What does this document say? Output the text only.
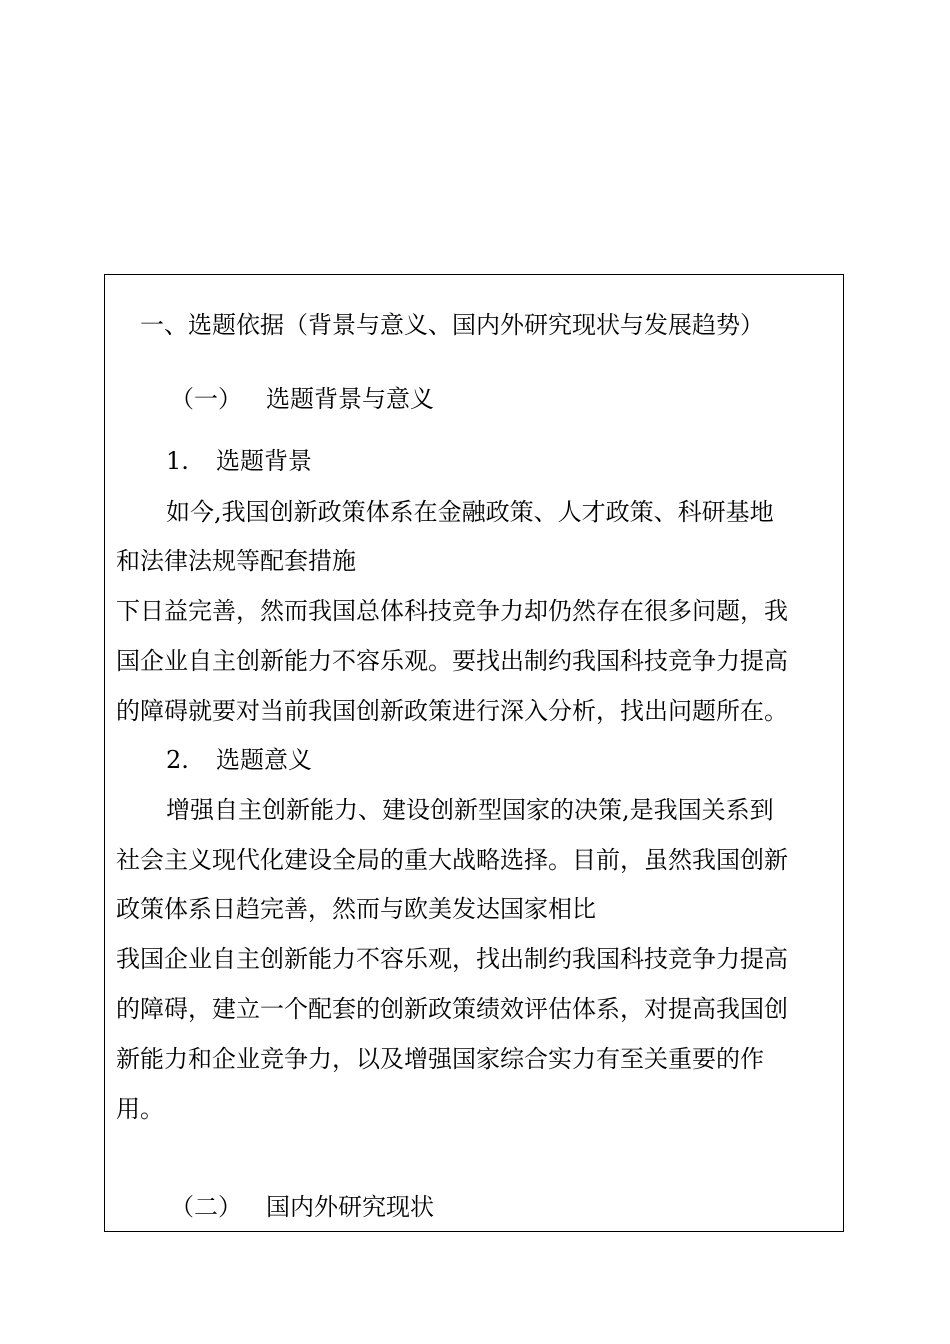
一、选题依据（背景与意义、国内外研究现状与发展趋势）
（一） 选题背景与意义
1. 选题背景
如今,我国创新政策体系在金融政策、人才政策、科研基地
和法律法规等配套措施
下日益完善，然而我国总体科技竞争力却仍然存在很多问题，我
国企业自主创新能力不容乐观。要找出制约我国科技竞争力提高
的障碍就要对当前我国创新政策进行深入分析，找出问题所在。
2. 选题意义
增强自主创新能力、建设创新型国家的决策,是我国关系到
社会主义现代化建设全局的重大战略选择。目前，虽然我国创新
政策体系日趋完善，然而与欧美发达国家相比
我国企业自主创新能力不容乐观，找出制约我国科技竞争力提高
的障碍，建立一个配套的创新政策绩效评估体系，对提高我国创
新能力和企业竞争力，以及增强国家综合实力有至关重要的作
用。
（二） 国内外研究现状
